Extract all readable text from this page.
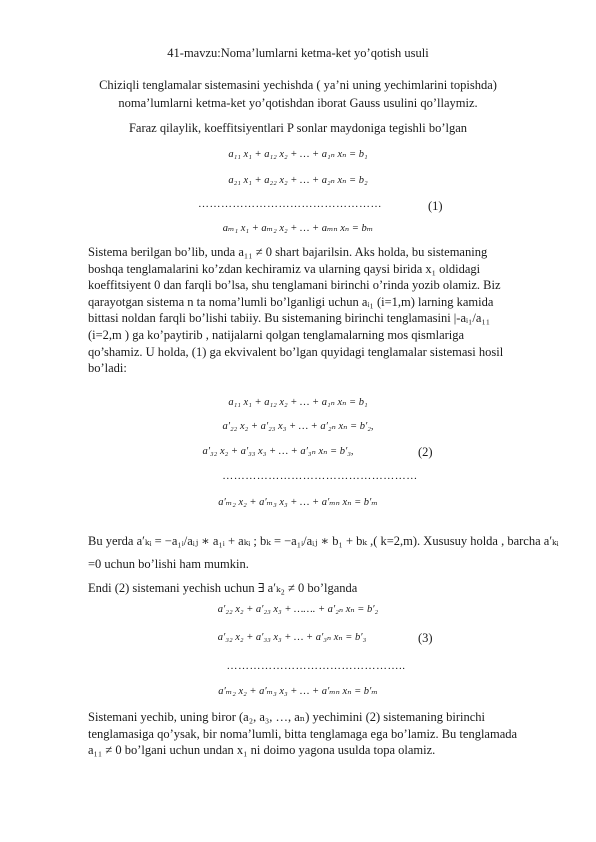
41-mavzu:Noma’lumlarni ketma-ket yo’qotish usuli
Chiziqli tenglamalar sistemasini yechishda ( ya’ni uning yechimlarini topishda)
noma’lumlarni ketma-ket yo’qotishdan iborat Gauss usulini qo’llaymiz.
Faraz qilaylik, koeffitsiyentlari P sonlar maydoniga tegishli bo’lgan
a₁₁ x₁ + a₁₂ x₂ + … + a₁ₙ xₙ = b₁
a₂₁ x₁ + a₂₂ x₂ + … + a₂ₙ xₙ = b₂
…………………………………………	(1)
aₘ₁ x₁ + aₘ₂ x₂ + … + aₘₙ xₙ = bₘ
Sistema berilgan bo’lib, unda a₁₁ ≠ 0 shart bajarilsin. Aks holda, bu sistemaning boshqa tenglamalarini ko’zdan kechiramiz va ularning qaysi birida x₁ oldidagi koeffitsiyent 0 dan farqli bo’lsa, shu tenglamani birinchi o’rinda yozib olamiz. Biz qarayotgan sistema n ta noma’lumli bo’lganligi uchun aᵢ₁ (i=1,m) larning kamida bittasi noldan farqli bo’lishi tabiiy. Bu sistemaning birinchi tenglamasini |-aᵢ₁/a₁₁ (i=2,m ) ga ko’paytirib , natijalarni qolgan tenglamalarning mos qismlariga qo’shamiz. U holda, (1) ga ekvivalent bo’lgan quyidagi tenglamalar sistemasi hosil bo’ladi:
a₁₁ x₁ + a₁₂ x₂ + … + a₁ₙ xₙ = b₁
a′₂₂ x₂ + a′₂₃ x₃ + … + a′₂ₙ xₙ = b′₂,
a′₃₂ x₂ + a′₃₃ x₃ + … + a′₃ₙ xₙ = b′₃,	(2)
……………………………………………
a′ₘ₂ x₂ + a′ₘ₃ x₃ + … + a′ₘₙ xₙ = b′ₘ
Bu yerda a′ₖᵢ = −a₁ᵢ/aᵢⱼ ∗ a₁ᵢ + aₖᵢ ; bₖ = −a₁ᵢ/aᵢⱼ ∗ b₁ + bₖ ,( k=2,m). Xususuy holda , barcha a′ₖᵢ
=0 uchun bo’lishi ham mumkin.
Endi (2) sistemani yechish uchun ∃ a′ₖ₂ ≠ 0 bo’lganda
a′₂₂ x₂ + a′₂₃ x₃ + ……. + a′₂ₙ xₙ = b′₂
a′₃₂ x₂ + a′₃₃ x₃ + … + a′₃ₙ xₙ = b′₃	(3)
………………………………………..
a′ₘ₂ x₂ + a′ₘ₃ x₃ + … + a′ₘₙ xₙ = b′ₘ
Sistemani yechib, uning biror (a₂, a₃, …, aₙ) yechimini (2) sistemaning birinchi tenglamasiga qo’ysak, bir noma’lumli, bitta tenglamaga ega bo’lamiz. Bu tenglamada a₁₁ ≠ 0 bo’lgani uchun undan x₁ ni doimo yagona usulda topa olamiz.
